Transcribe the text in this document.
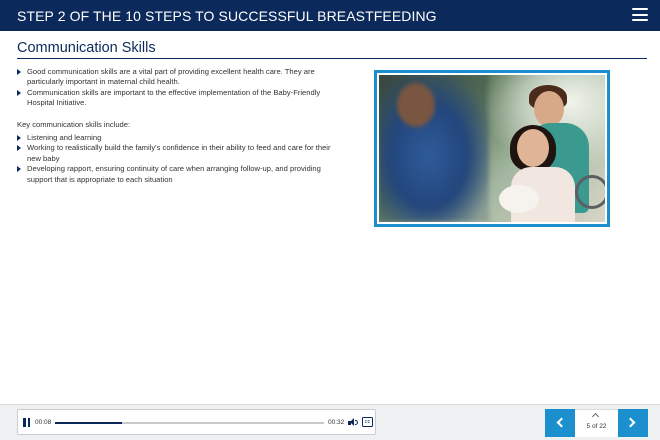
STEP 2 OF THE 10 STEPS TO SUCCESSFUL BREASTFEEDING
Communication Skills
Good communication skills are a vital part of providing excellent health care. They are particularly important in maternal child health.
Communication skills are important to the effective implementation of the Baby-Friendly Hospital Initiative.
Key communication skills include:
Listening and learning
Working to realistically build the family's confidence in their ability to feed and care for their new baby
Developing rapport, ensuring continuity of care when arranging follow-up, and providing support that is appropriate to each situation
00:08	00:32	cc
5 of 22
